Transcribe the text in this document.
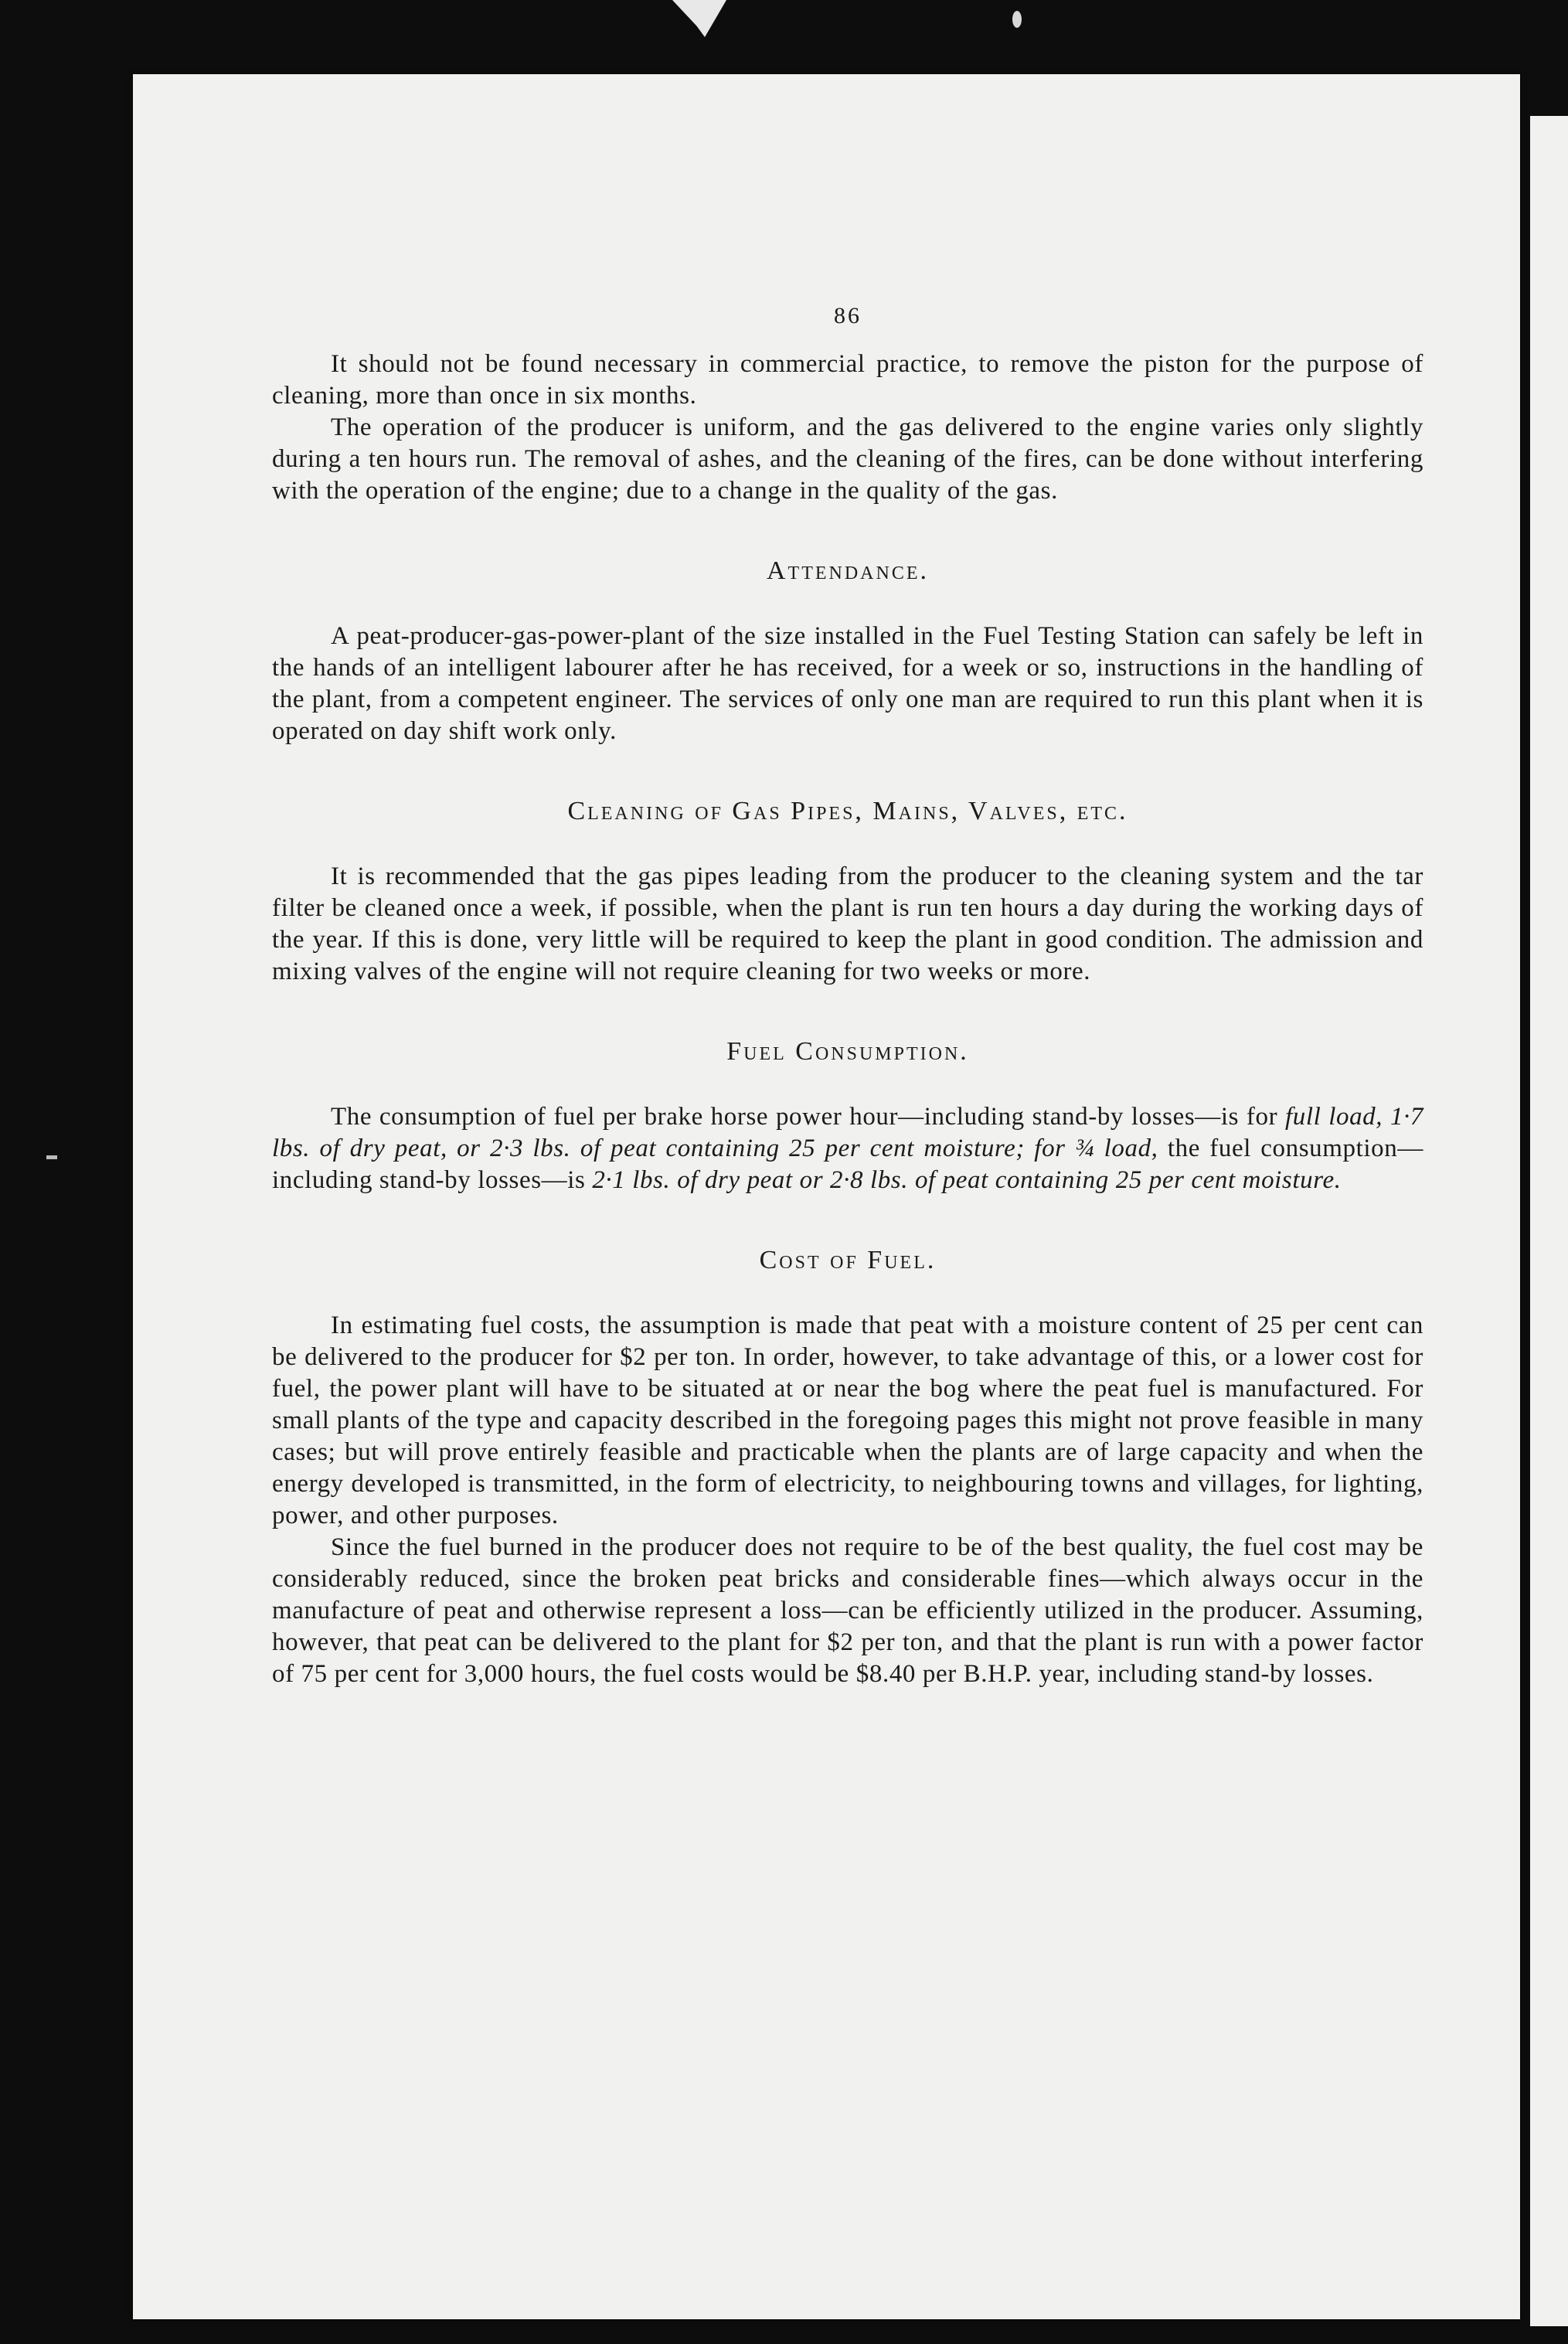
86

It should not be found necessary in commercial practice, to remove the piston for the purpose of cleaning, more than once in six months.

The operation of the producer is uniform, and the gas delivered to the engine varies only slightly during a ten hours run. The removal of ashes, and the cleaning of the fires, can be done without interfering with the operation of the engine; due to a change in the quality of the gas.

Attendance.

A peat-producer-gas-power-plant of the size installed in the Fuel Testing Station can safely be left in the hands of an intelligent labourer after he has received, for a week or so, instructions in the handling of the plant, from a competent engineer. The services of only one man are required to run this plant when it is operated on day shift work only.

Cleaning of Gas Pipes, Mains, Valves, etc.

It is recommended that the gas pipes leading from the producer to the cleaning system and the tar filter be cleaned once a week, if possible, when the plant is run ten hours a day during the working days of the year. If this is done, very little will be required to keep the plant in good condition. The admission and mixing valves of the engine will not require cleaning for two weeks or more.

Fuel Consumption.

The consumption of fuel per brake horse power hour—including stand-by losses—is for full load, 1·7 lbs. of dry peat, or 2·3 lbs. of peat containing 25 per cent moisture; for ¾ load, the fuel consumption—including stand-by losses—is 2·1 lbs. of dry peat or 2·8 lbs. of peat containing 25 per cent moisture.

Cost of Fuel.

In estimating fuel costs, the assumption is made that peat with a moisture content of 25 per cent can be delivered to the producer for $2 per ton. In order, however, to take advantage of this, or a lower cost for fuel, the power plant will have to be situated at or near the bog where the peat fuel is manufactured. For small plants of the type and capacity described in the foregoing pages this might not prove feasible in many cases; but will prove entirely feasible and practicable when the plants are of large capacity and when the energy developed is transmitted, in the form of electricity, to neighbouring towns and villages, for lighting, power, and other purposes.

Since the fuel burned in the producer does not require to be of the best quality, the fuel cost may be considerably reduced, since the broken peat bricks and considerable fines—which always occur in the manufacture of peat and otherwise represent a loss—can be efficiently utilized in the producer. Assuming, however, that peat can be delivered to the plant for $2 per ton, and that the plant is run with a power factor of 75 per cent for 3,000 hours, the fuel costs would be $8.40 per B.H.P. year, including stand-by losses.
